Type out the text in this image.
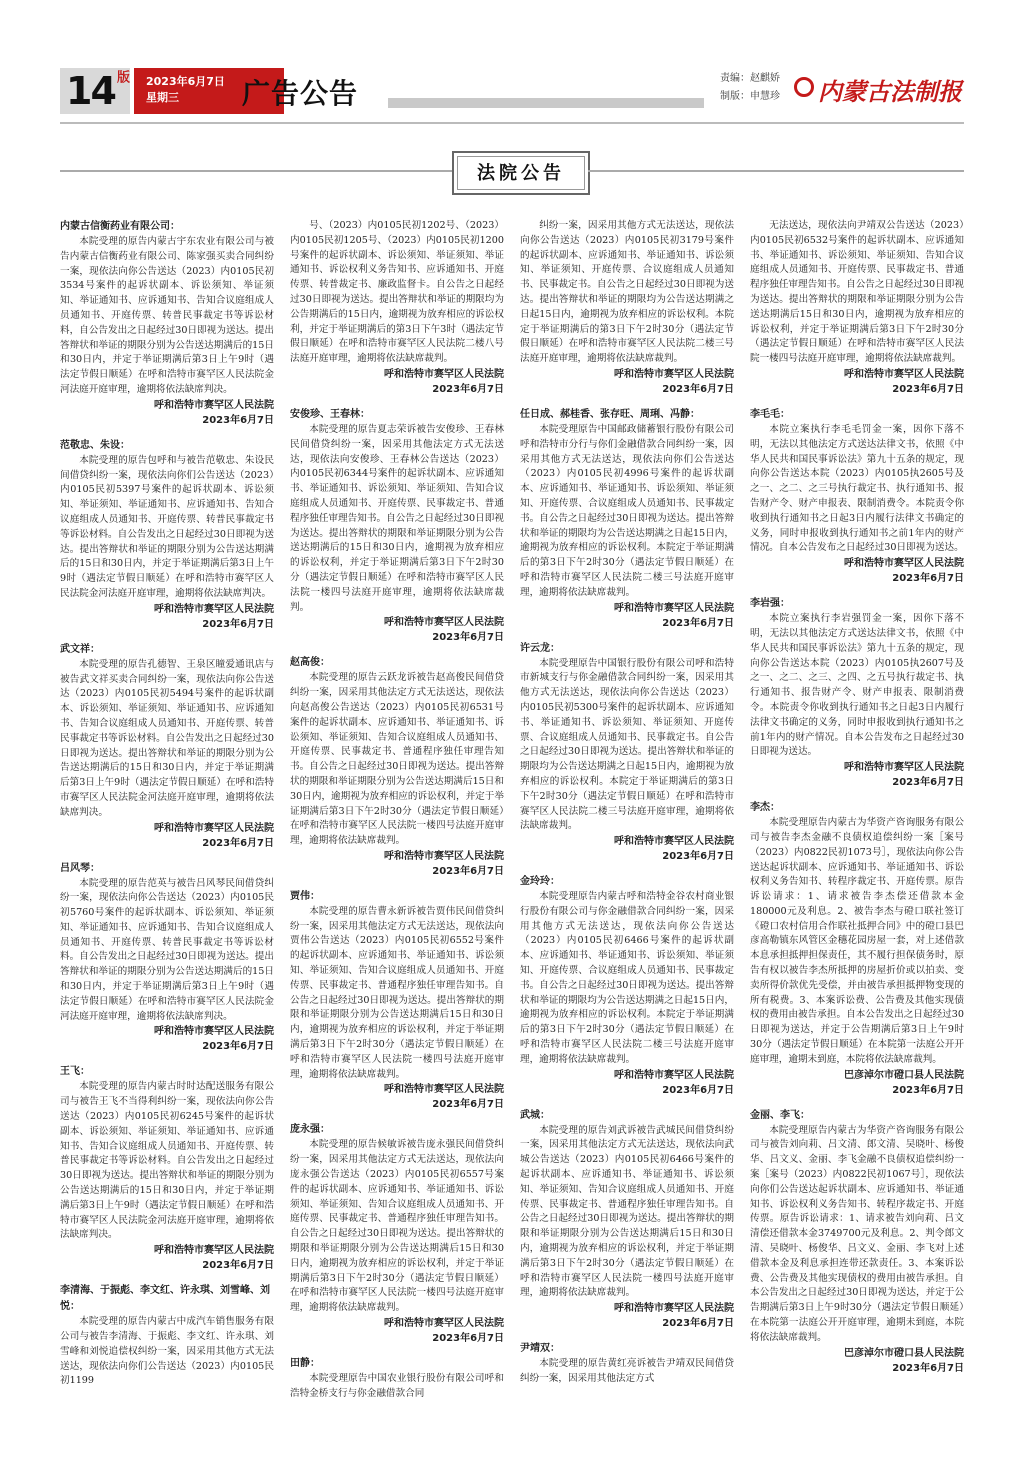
14 版	2023年6月7日
星期三	广告公告	责编：赵麒娇
制版：申慧珍 内蒙古法制报
法院公告
内蒙古信衡药业有限公司：
本院受理的原告内蒙古宇东农业有限公司与被告内蒙古信衡药业有限公司、陈家强买卖合同纠纷一案，现依法向你公告送达（2023）内0105民初3534号案件的起诉状副本、诉讼须知、举证须知、举证通知书、应诉通知书、告知合议庭组成人员通知书、开庭传票、转普民事裁定书等诉讼材料，自公告发出之日起经过30日即视为送达。提出答辩状和举证的期限分别为公告送达期满后的15日和30日内，并定于举证期满后第3日上午9时（遇法定节假日顺延）在呼和浩特市赛罕区人民法院金河法庭开庭审理，逾期将依法缺席判决。
呼和浩特市赛罕区人民法院
2023年6月7日
范敬忠、朱设：
本院受理的原告包呼和与被告范敬忠、朱设民间借贷纠纷一案，现依法向你们公告送达（2023）内0105民初5397号案件的起诉状副本、诉讼须知、举证须知、举证通知书、应诉通知书、告知合议庭组成人员通知书、开庭传票、转普民事裁定书等诉讼材料。自公告发出之日起经过30日即视为送达。提出答辩状和举证的期限分别为公告送达期满后的15日和30日内，并定于举证期满后第3日上午9时（遇法定节假日顺延）在呼和浩特市赛罕区人民法院金河法庭开庭审理，逾期将依法缺席判决。
呼和浩特市赛罕区人民法院
2023年6月7日
武文祥：
本院受理的原告孔德智、王泉区瞳爱通讯店与被告武文祥买卖合同纠纷一案，现依法向你公告送达（2023）内0105民初5494号案件的起诉状副本、诉讼须知、举证须知、举证通知书、应诉通知书、告知合议庭组成人员通知书、开庭传票、转普民事裁定书等诉讼材料。自公告发出之日起经过30日即视为送达。提出答辩状和举证的期限分别为公告送达期满后的15日和30日内，并定于举证期满后第3日上午9时（遇法定节假日顺延）在呼和浩特市赛罕区人民法院金河法庭开庭审理，逾期将依法缺席判决。
呼和浩特市赛罕区人民法院
2023年6月7日
吕风琴：
本院受理的原告范英与被告吕风琴民间借贷纠纷一案，现依法向你公告送达（2023）内0105民初5760号案件的起诉状副本、诉讼须知、举证须知、举证通知书、应诉通知书、告知合议庭组成人员通知书、开庭传票、转普民事裁定书等诉讼材料。自公告发出之日起经过30日即视为送达。提出答辩状和举证的期限分别为公告送达期满后的15日和30日内，并定于举证期满后第3日上午9时（遇法定节假日顺延）在呼和浩特市赛罕区人民法院金河法庭开庭审理，逾期将依法缺席判决。
呼和浩特市赛罕区人民法院
2023年6月7日
王飞：
本院受理的原告内蒙古时时达配送服务有限公司与被告王飞不当得利纠纷一案，现依法向你公告送达（2023）内0105民初6245号案件的起诉状副本、诉讼须知、举证须知、举证通知书、应诉通知书、告知合议庭组成人员通知书、开庭传票、转普民事裁定书等诉讼材料。自公告发出之日起经过30日即视为送达。提出答辩状和举证的期限分别为公告送达期满后的15日和30日内，并定于举证期满后第3日上午9时（遇法定节假日顺延）在呼和浩特市赛罕区人民法院金河法庭开庭审理，逾期将依法缺席判决。
呼和浩特市赛罕区人民法院
2023年6月7日
李清海、于振彪、李文红、许永琪、刘雪峰、刘悦：
本院受理的原告内蒙古中成汽车销售服务有限公司与被告李清海、于振彪、李文红、许永琪、刘雪峰和刘悦追偿权纠纷一案，因采用其他方式无法送达，现依法向你们公告送达（2023）内0105民初1199
号、（2023）内0105民初1202号、（2023）内0105民初1205号、（2023）内0105民初1200号案件的起诉状副本、诉讼须知、举证须知、举证通知书、诉讼权利义务告知书、应诉通知书、开庭传票、转普裁定书、廉政监督卡。自公告之日起经过30日即视为送达。提出答辩状和举证的期限均为公告期满后的15日内，逾期视为放弃相应的诉讼权利，并定于举证期满后的第3日下午3时（遇法定节假日顺延）在呼和浩特市赛罕区人民法院二楼八号法庭开庭审理，逾期将依法缺席裁判。
呼和浩特市赛罕区人民法院
2023年6月7日
安俊珍、王春林：
本院受理的原告夏志荣诉被告安俊珍、王春林民间借贷纠纷一案，因采用其他法定方式无法送达，现依法向安俊珍、王春林公告送达（2023）内0105民初6344号案件的起诉状副本、应诉通知书、举证通知书、诉讼须知、举证须知、告知合议庭组成人员通知书、开庭传票、民事裁定书、普通程序独任审理告知书。自公告之日起经过30日即视为送达。提出答辩状的期限和举证期限分别为公告送达期满后的15日和30日内，逾期视为放弃相应的诉讼权利，并定于举证期满后第3日下午2时30分（遇法定节假日顺延）在呼和浩特市赛罕区人民法院一楼四号法庭开庭审理，逾期将依法缺席裁判。
呼和浩特市赛罕区人民法院
2023年6月7日
赵高俊：
本院受理的原告云跃龙诉被告赵高俊民间借贷纠纷一案，因采用其他法定方式无法送达，现依法向赵高俊公告送达（2023）内0105民初6531号案件的起诉状副本、应诉通知书、举证通知书、诉讼须知、举证须知、告知合议庭组成人员通知书、开庭传票、民事裁定书、普通程序独任审理告知书。自公告之日起经过30日即视为送达。提出答辩状的期限和举证期限分别为公告送达期满后15日和30日内，逾期视为放弃相应的诉讼权利，并定于举证期满后第3日下午2时30分（遇法定节假日顺延）在呼和浩特市赛罕区人民法院一楼四号法庭开庭审理，逾期将依法缺席裁判。
呼和浩特市赛罕区人民法院
2023年6月7日
贾伟：
本院受理的原告曹永新诉被告贾伟民间借贷纠纷一案，因采用其他法定方式无法送达，现依法向贾伟公告送达（2023）内0105民初6552号案件的起诉状副本、应诉通知书、举证通知书、诉讼须知、举证须知、告知合议庭组成人员通知书、开庭传票、民事裁定书、普通程序独任审理告知书。自公告之日起经过30日即视为送达。提出答辩状的期限和举证期限分别为公告送达期满后15日和30日内，逾期视为放弃相应的诉讼权利，并定于举证期满后第3日下午2时30分（遇法定节假日顺延）在呼和浩特市赛罕区人民法院一楼四号法庭开庭审理，逾期将依法缺席裁判。
呼和浩特市赛罕区人民法院
2023年6月7日
庞永强：
本院受理的原告候敏诉被告庞永强民间借贷纠纷一案，因采用其他法定方式无法送达，现依法向庞永强公告送达（2023）内0105民初6557号案件的起诉状副本、应诉通知书、举证通知书、诉讼须知、举证须知、告知合议庭组成人员通知书、开庭传票、民事裁定书、普通程序独任审理告知书。自公告之日起经过30日即视为送达。提出答辩状的期限和举证期限分别为公告送达期满后15日和30日内，逾期视为放弃相应的诉讼权利，并定于举证期满后第3日下午2时30分（遇法定节假日顺延）在呼和浩特市赛罕区人民法院一楼四号法庭开庭审理，逾期将依法缺席裁判。
呼和浩特市赛罕区人民法院
2023年6月7日
田静：
本院受理原告中国农业银行股份有限公司呼和浩特金桥支行与你金融借款合同
纠纷一案，因采用其他方式无法送达，现依法向你公告送达（2023）内0105民初3179号案件的起诉状副本、应诉通知书、举证通知书、诉讼须知、举证须知、开庭传票、合议庭组成人员通知书、民事裁定书。自公告之日起经过30日即视为送达。提出答辩状和举证的期限均为公告送达期满之日起15日内，逾期视为放弃相应的诉讼权利。本院定于举证期满后的第3日下午2时30分（遇法定节假日顺延）在呼和浩特市赛罕区人民法院二楼三号法庭开庭审理，逾期将依法缺席裁判。
呼和浩特市赛罕区人民法院
2023年6月7日
任日成、郝桂香、张存旺、周琍、冯静：
本院受理原告中国邮政储蓄银行股份有限公司呼和浩特市分行与你们金融借款合同纠纷一案，因采用其他方式无法送达，现依法向你们公告送达（2023）内0105民初4996号案件的起诉状副本、应诉通知书、举证通知书、诉讼须知、举证须知、开庭传票、合议庭组成人员通知书、民事裁定书。自公告之日起经过30日即视为送达。提出答辩状和举证的期限均为公告送达期满之日起15日内，逾期视为放弃相应的诉讼权利。本院定于举证期满后的第3日下午2时30分（遇法定节假日顺延）在呼和浩特市赛罕区人民法院二楼三号法庭开庭审理，逾期将依法缺席裁判。
呼和浩特市赛罕区人民法院
2023年6月7日
许云龙：
本院受理原告中国银行股份有限公司呼和浩特市新城支行与你金融借款合同纠纷一案，因采用其他方式无法送达，现依法向你公告送达（2023）内0105民初5300号案件的起诉状副本、应诉通知书、举证通知书、诉讼须知、举证须知、开庭传票、合议庭组成人员通知书、民事裁定书。自公告之日起经过30日即视为送达。提出答辩状和举证的期限均为公告送达期满之日起15日内，逾期视为放弃相应的诉讼权利。本院定于举证期满后的第3日下午2时30分（遇法定节假日顺延）在呼和浩特市赛罕区人民法院二楼三号法庭开庭审理，逾期将依法缺席裁判。
呼和浩特市赛罕区人民法院
2023年6月7日
金玲玲：
本院受理原告内蒙古呼和浩特金谷农村商业银行股份有限公司与你金融借款合同纠纷一案，因采用其他方式无法送达，现依法向你公告送达（2023）内0105民初6466号案件的起诉状副本、应诉通知书、举证通知书、诉讼须知、举证须知、开庭传票、合议庭组成人员通知书、民事裁定书。自公告之日起经过30日即视为送达。提出答辩状和举证的期限均为公告送达期满之日起15日内，逾期视为放弃相应的诉讼权利。本院定于举证期满后的第3日下午2时30分（遇法定节假日顺延）在呼和浩特市赛罕区人民法院二楼三号法庭开庭审理，逾期将依法缺席裁判。
呼和浩特市赛罕区人民法院
2023年6月7日
武城：
本院受理的原告刘武诉被告武城民间借贷纠纷一案，因采用其他法定方式无法送达，现依法向武城公告送达（2023）内0105民初6466号案件的起诉状副本、应诉通知书、举证通知书、诉讼须知、举证须知、告知合议庭组成人员通知书、开庭传票、民事裁定书、普通程序独任审理告知书。自公告之日起经过30日即视为送达。提出答辩状的期限和举证期限分别为公告送达期满后15日和30日内，逾期视为放弃相应的诉讼权利，并定于举证期满后第3日下午2时30分（遇法定节假日顺延）在呼和浩特市赛罕区人民法院一楼四号法庭开庭审理，逾期将依法缺席裁判。
呼和浩特市赛罕区人民法院
2023年6月7日
尹靖双：
本院受理的原告黄红亮诉被告尹靖双民间借贷纠纷一案，因采用其他法定方式
无法送达，现依法向尹靖双公告送达（2023）内0105民初6532号案件的起诉状副本、应诉通知书、举证通知书、诉讼须知、举证须知、告知合议庭组成人员通知书、开庭传票、民事裁定书、普通程序独任审理告知书。自公告之日起经过30日即视为送达。提出答辩状的期限和举证期限分别为公告送达期满后15日和30日内，逾期视为放弃相应的诉讼权利，并定于举证期满后第3日下午2时30分（遇法定节假日顺延）在呼和浩特市赛罕区人民法院一楼四号法庭开庭审理，逾期将依法缺席裁判。
呼和浩特市赛罕区人民法院
2023年6月7日
李毛毛：
本院立案执行李毛毛罚金一案，因你下落不明，无法以其他法定方式送达法律文书，依照《中华人民共和国民事诉讼法》第九十五条的规定，现向你公告送达本院（2023）内0105执2605号及之一、之二、之三号执行裁定书、执行通知书、报告财产令、财产申报表、限制消费令。本院责令你收到执行通知书之日起3日内履行法律文书确定的义务，同时申报收到执行通知书之前1年内的财产情况。自本公告发布之日起经过30日即视为送达。
呼和浩特市赛罕区人民法院
2023年6月7日
李岩强：
本院立案执行李岩强罚金一案，因你下落不明，无法以其他法定方式送达法律文书，依照《中华人民共和国民事诉讼法》第九十五条的规定，现向你公告送达本院（2023）内0105执2607号及之一、之二、之三、之四、之五号执行裁定书、执行通知书、报告财产令、财产申报表、限制消费令。本院责令你收到执行通知书之日起3日内履行法律文书确定的义务，同时申报收到执行通知书之前1年内的财产情况。自本公告发布之日起经过30日即视为送达。
呼和浩特市赛罕区人民法院
2023年6月7日
李杰：
本院受理原告内蒙古为华资产咨询服务有限公司与被告李杰金融不良债权追偿纠纷一案［案号（2023）内0822民初1073号］，现依法向你公告送达起诉状副本、应诉通知书、举证通知书、诉讼权利义务告知书、转程序裁定书、开庭传票。原告诉讼请求：1、请求被告李杰偿还借款本金180000元及利息。2、被告李杰与磴口联社签订《磴口农村信用合作联社抵押合同》中的磴口县巴彦高勒镇东风管区金穗花园房屋一套，对上述借款本息承担抵押担保责任，其不履行担保债务时，原告有权以被告李杰所抵押的房屋折价或以拍卖、变卖所得价款优先受偿，并由被告承担抵押物变现的所有税费。3、本案诉讼费、公告费及其他实现债权的费用由被告承担。自本公告发出之日起经过30日即视为送达，并定于公告期满后第3日上午9时30分（遇法定节假日顺延）在本院第一法庭公开开庭审理，逾期未到庭，本院将依法缺席裁判。
巴彦淖尔市磴口县人民法院
2023年6月7日
金丽、李飞：
本院受理原告内蒙古为华资产咨询服务有限公司与被告刘向莉、吕文清、郎文清、吴晓叶、杨俊华、吕文义、金丽、李飞金融不良债权追偿纠纷一案［案号（2023）内0822民初1067号］，现依法向你们公告送达起诉状副本、应诉通知书、举证通知书、诉讼权利义务告知书、转程序裁定书、开庭传票。原告诉讼请求：1、请求被告刘向莉、吕文清偿还借款本金3749700元及利息。2、判令郎文清、吴晓叶、杨俊华、吕文义、金丽、李飞对上述借款本金及利息承担连带还款责任。3、本案诉讼费、公告费及其他实现债权的费用由被告承担。自本公告发出之日起经过30日即视为送达，并定于公告期满后第3日上午9时30分（遇法定节假日顺延）在本院第一法庭公开开庭审理，逾期未到庭，本院将依法缺席裁判。
巴彦淖尔市磴口县人民法院
2023年6月7日
